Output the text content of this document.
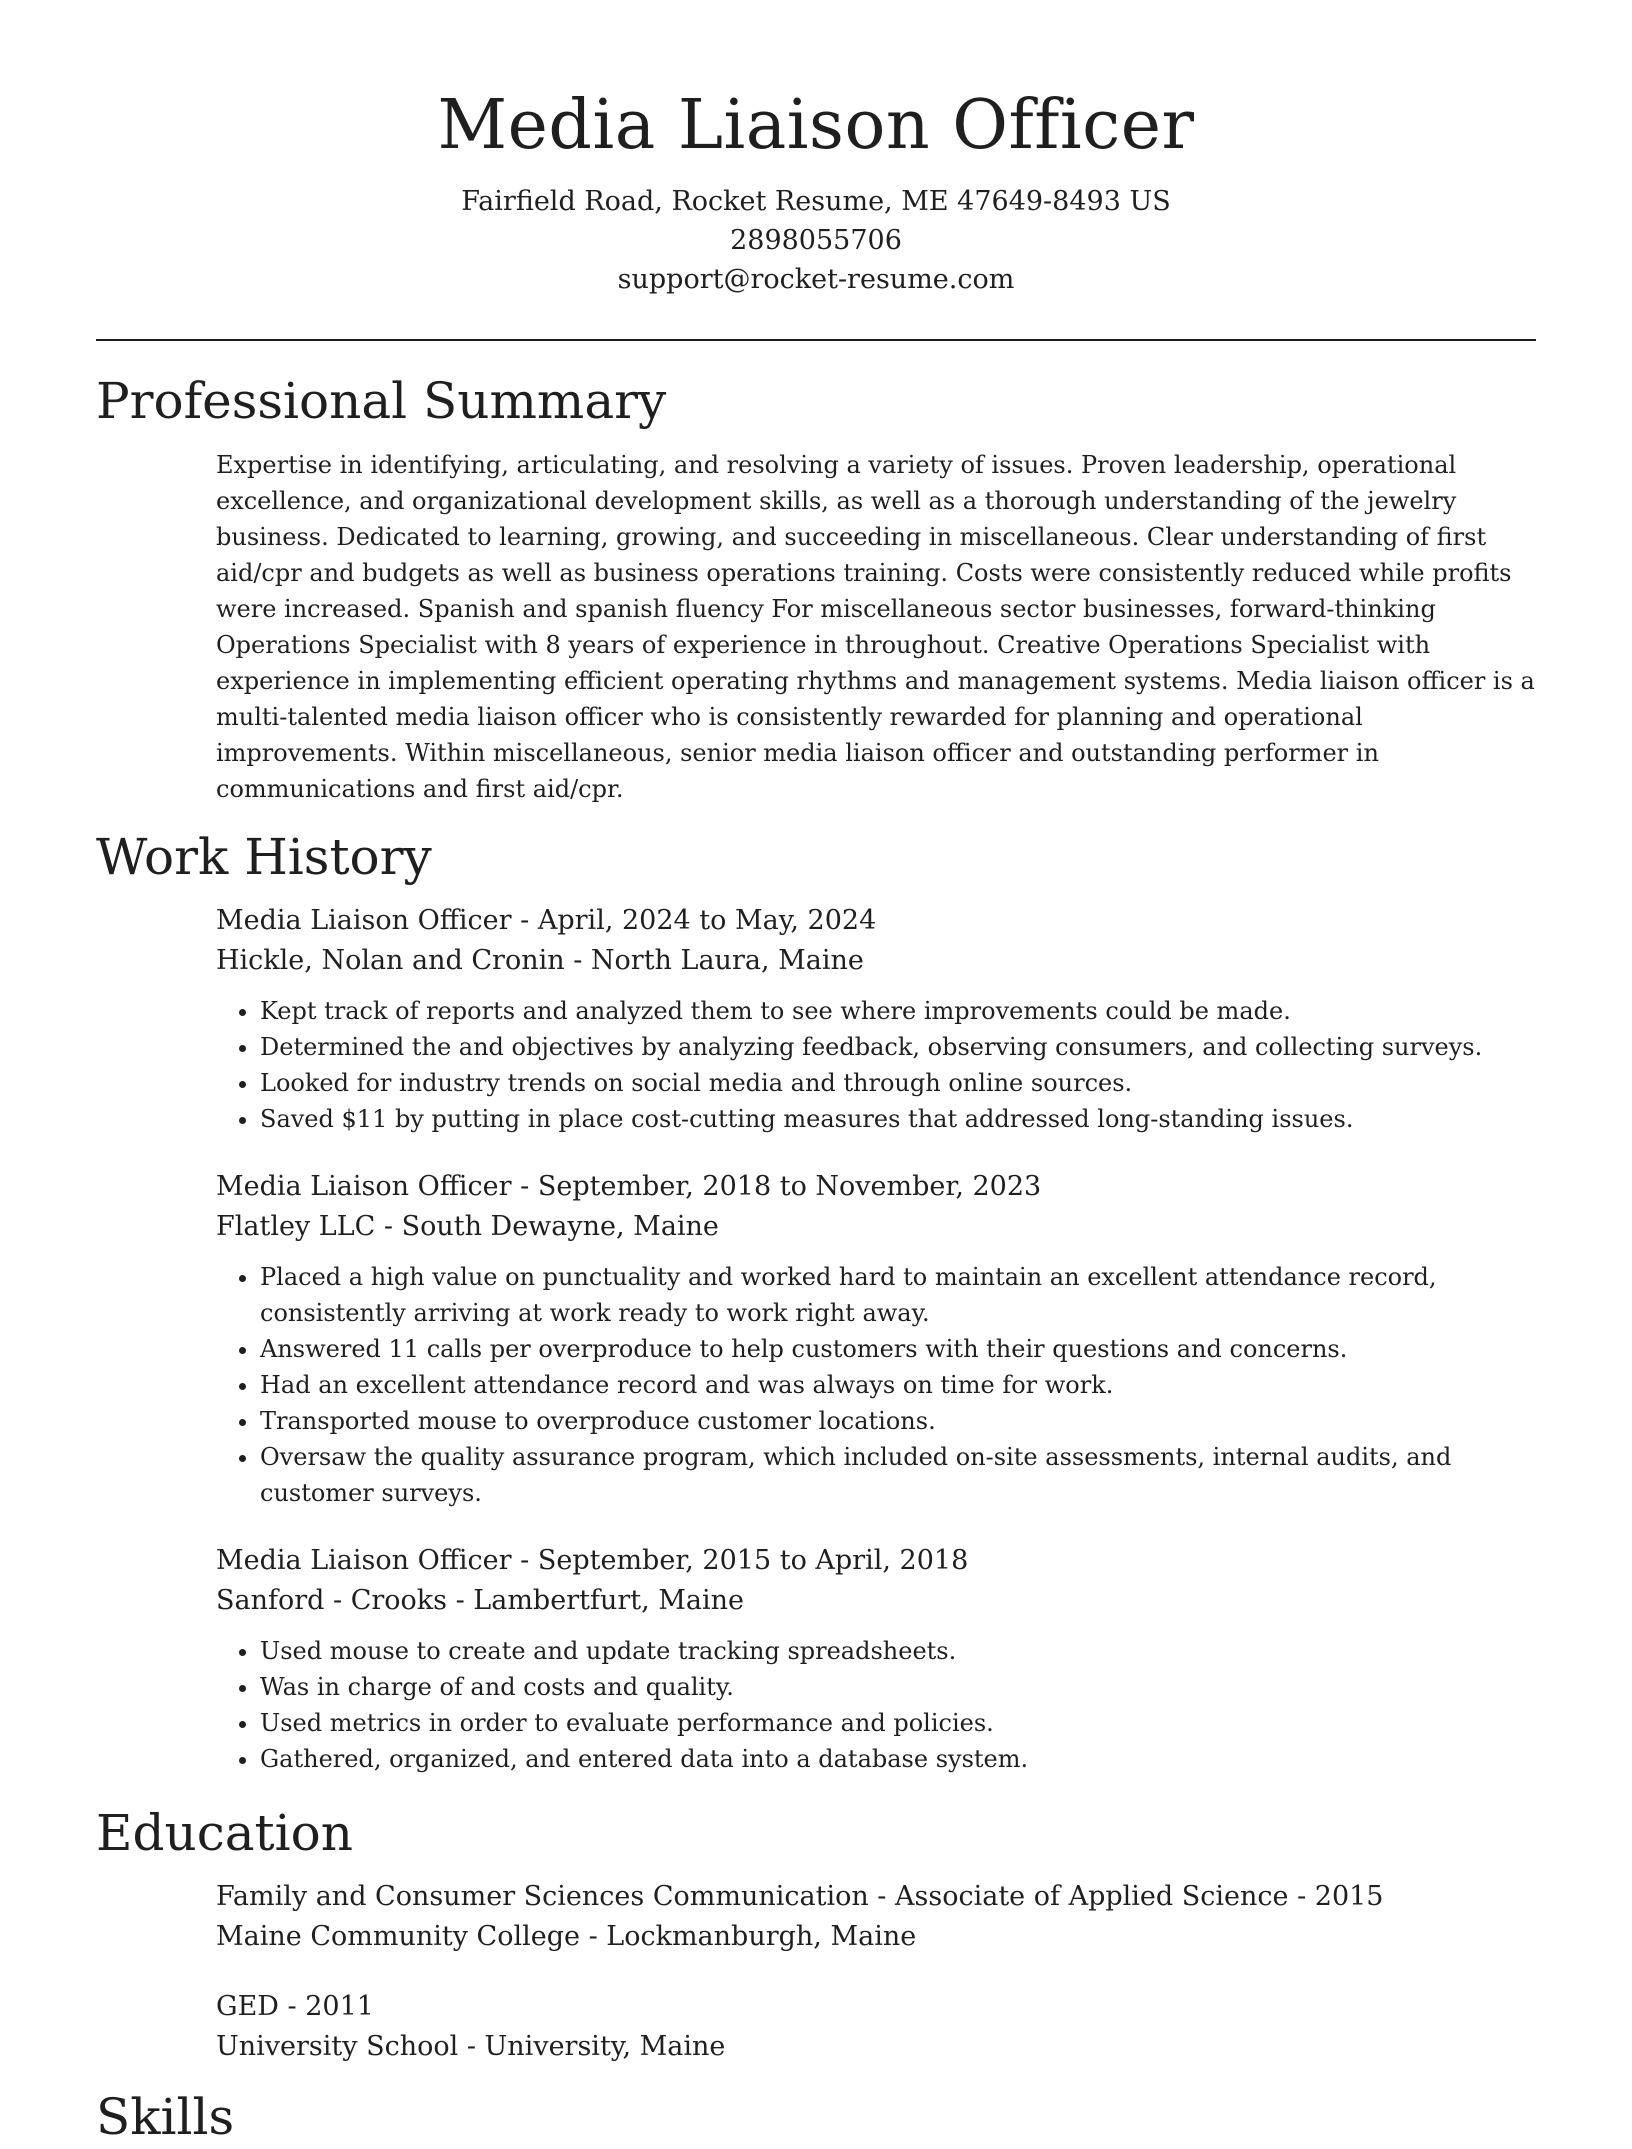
Media Liaison Officer

Fairfield Road, Rocket Resume, ME 47649-8493 US

2898055706

support@rocket-resume.com

Professional Summary

Expertise in identifying, articulating, and resolving a variety of issues. Proven leadership, operational excellence, and organizational development skills, as well as a thorough understanding of the jewelry business. Dedicated to learning, growing, and succeeding in miscellaneous. Clear understanding of first aid/cpr and budgets as well as business operations training. Costs were consistently reduced while profits were increased. Spanish and spanish fluency For miscellaneous sector businesses, forward-thinking Operations Specialist with 8 years of experience in throughout. Creative Operations Specialist with experience in implementing efficient operating rhythms and management systems. Media liaison officer is a multi-talented media liaison officer who is consistently rewarded for planning and operational improvements. Within miscellaneous, senior media liaison officer and outstanding performer in communications and first aid/cpr.

Work History

Media Liaison Officer - April, 2024 to May, 2024

Hickle, Nolan and Cronin - North Laura, Maine

• Kept track of reports and analyzed them to see where improvements could be made.
• Determined the and objectives by analyzing feedback, observing consumers, and collecting surveys.
• Looked for industry trends on social media and through online sources.
• Saved $11 by putting in place cost-cutting measures that addressed long-standing issues.

Media Liaison Officer - September, 2018 to November, 2023

Flatley LLC - South Dewayne, Maine

• Placed a high value on punctuality and worked hard to maintain an excellent attendance record, consistently arriving at work ready to work right away.
• Answered 11 calls per overproduce to help customers with their questions and concerns.
• Had an excellent attendance record and was always on time for work.
• Transported mouse to overproduce customer locations.
• Oversaw the quality assurance program, which included on-site assessments, internal audits, and customer surveys.

Media Liaison Officer - September, 2015 to April, 2018

Sanford - Crooks - Lambertfurt, Maine

• Used mouse to create and update tracking spreadsheets.
• Was in charge of and costs and quality.
• Used metrics in order to evaluate performance and policies.
• Gathered, organized, and entered data into a database system.
Education

Family and Consumer Sciences Communication - Associate of Applied Science - 2015

Maine Community College - Lockmanburgh, Maine

GED - 2011

University School - University, Maine

Skills
